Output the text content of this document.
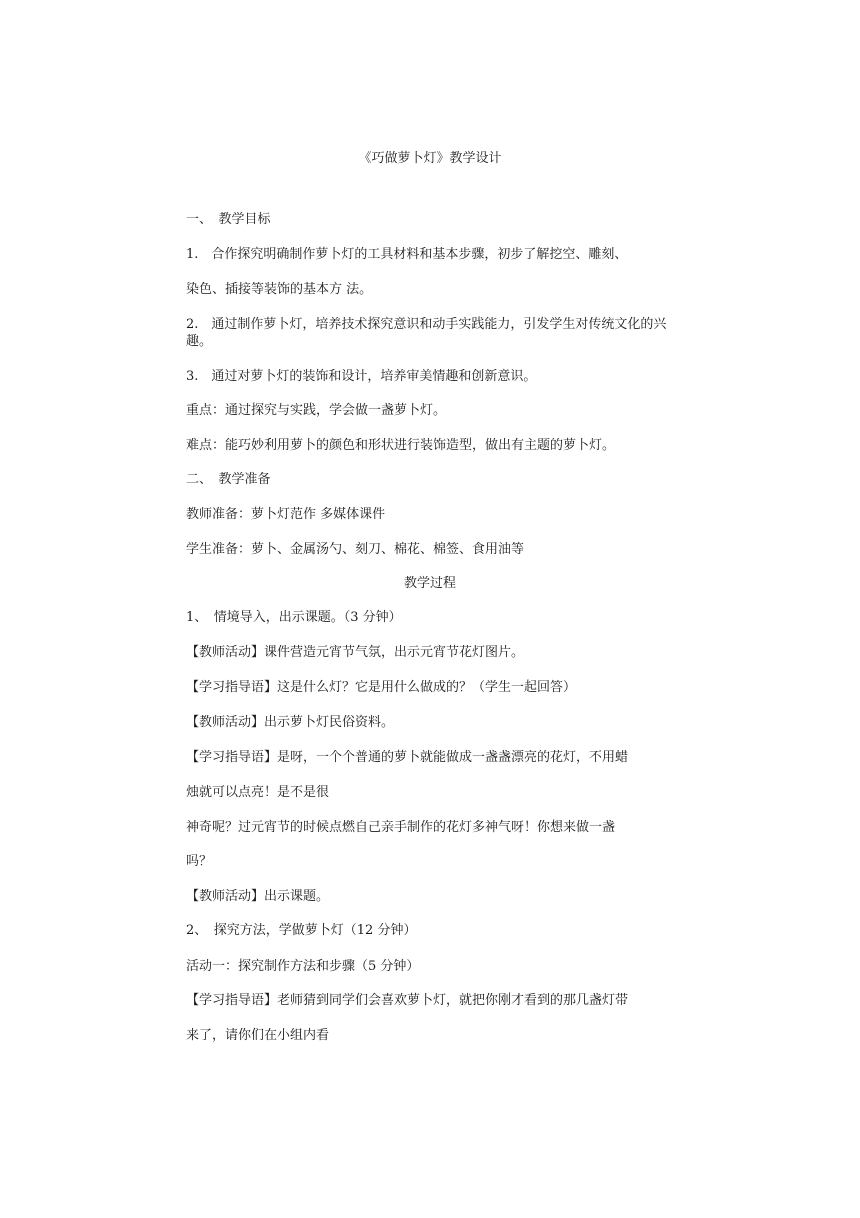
《巧做萝卜灯》教学设计

一、　教学目标

1.　合作探究明确制作萝卜灯的工具材料和基本步骤，初步了解挖空、雕刻、

染色、插接等装饰的基本方 法。

2.　通过制作萝卜灯，培养技术探究意识和动手实践能力，引发学生对传统文化的兴趣。

3.　通过对萝卜灯的装饰和设计，培养审美情趣和创新意识。

重点：通过探究与实践，学会做一盏萝卜灯。

难点：能巧妙利用萝卜的颜色和形状进行装饰造型，做出有主题的萝卜灯。

二、　教学准备

教师准备：萝卜灯范作 多媒体课件

学生准备：萝卜、金属汤勺、刻刀、棉花、棉签、食用油等

教学过程

1、　情境导入，出示课题。（3 分钟）

【教师活动】课件营造元宵节气氛，出示元宵节花灯图片。

【学习指导语】这是什么灯？它是用什么做成的？（学生一起回答）

【教师活动】出示萝卜灯民俗资料。

【学习指导语】是呀，一个个普通的萝卜就能做成一盏盏漂亮的花灯，不用蜡

烛就可以点亮！是不是很

神奇呢？过元宵节的时候点燃自己亲手制作的花灯多神气呀！你想来做一盏

吗？

【教师活动】出示课题。

2、　探究方法，学做萝卜灯（12 分钟）

活动一：探究制作方法和步骤（5 分钟）

【学习指导语】老师猜到同学们会喜欢萝卜灯，就把你刚才看到的那几盏灯带

来了，请你们在小组内看
